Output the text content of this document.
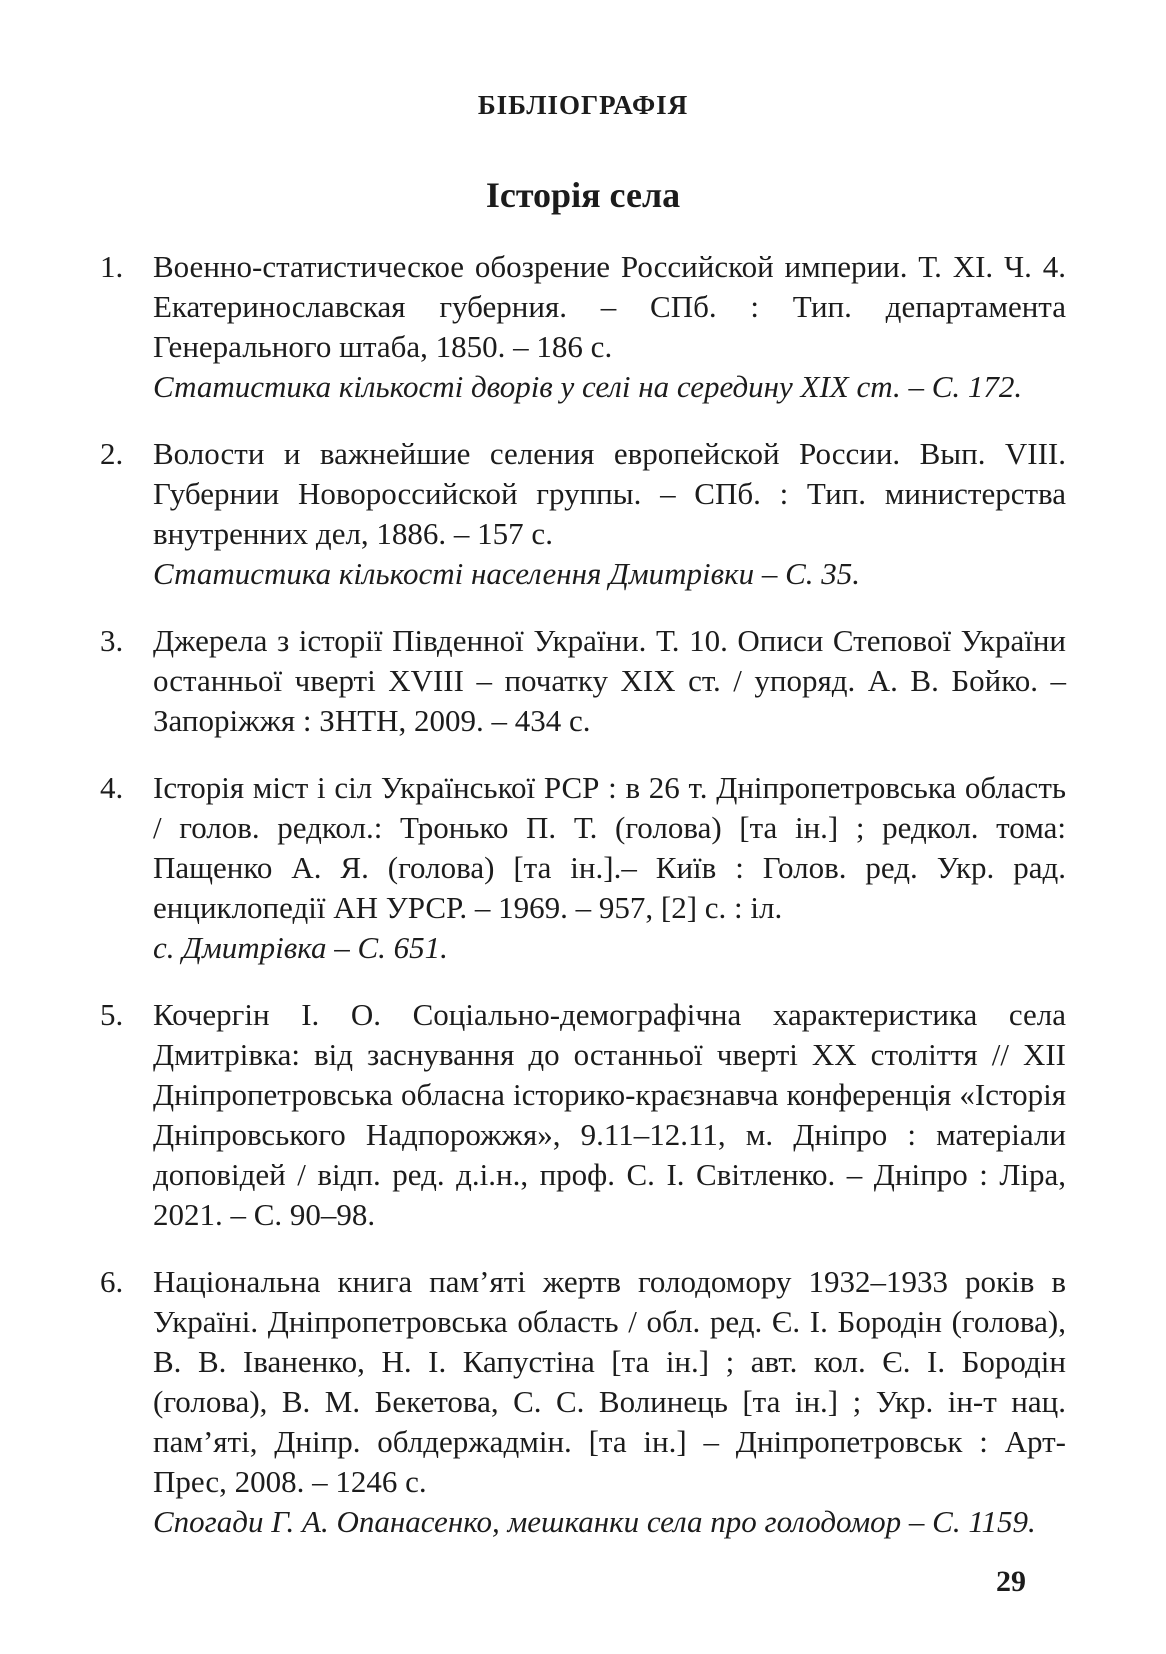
БІБЛІОГРАФІЯ
Історія села
1. Военно-статистическое обозрение Российской империи. Т. XI. Ч. 4. Екатеринославская губерния. – СПб. : Тип. департамента Генерального штаба, 1850. – 186 с.

Статистика кількості дворів у селі на середину XIX ст. – С. 172.

2. Волости и важнейшие селения европейской России. Вып. VIII. Губернии Новороссийской группы. – СПб. : Тип. министерства внутренних дел, 1886. – 157 с.

Статистика кількості населення Дмитрівки – С. 35.

3. Джерела з історії Південної України. Т. 10. Описи Степової України останньої чверті XVIII – початку XIX ст. / упоряд. А. В. Бойко. – Запоріжжя : ЗНТН, 2009. – 434 с.

4. Історія міст і сіл Української РСР : в 26 т. Дніпропетровська область / голов. редкол.: Тронько П. Т. (голова) [та ін.] ; редкол. тома: Пащенко А. Я. (голова) [та ін.].– Київ : Голов. ред. Укр. рад. енциклопедії АН УРСР. – 1969. – 957, [2] с. : іл.

с. Дмитрівка – С. 651.

5. Кочергін І. О. Соціально-демографічна характеристика села Дмитрівка: від заснування до останньої чверті XX століття // XII Дніпропетровська обласна історико-краєзнавча конференція «Історія Дніпровського Надпорожжя», 9.11–12.11, м. Дніпро : матеріали доповідей / відп. ред. д.і.н., проф. С. І. Світленко. – Дніпро : Ліра, 2021. – С. 90–98.

6. Національна книга пам’яті жертв голодомору 1932–1933 років в Україні. Дніпропетровська область / обл. ред. Є. І. Бородін (голова), В. В. Іваненко, Н. І. Капустіна [та ін.] ; авт. кол. Є. І. Бородін (голова), В. М. Бекетова, С. С. Волинець [та ін.] ; Укр. ін-т нац. пам’яті, Дніпр. облдержадмін. [та ін.] – Дніпропетровськ : Арт-Прес, 2008. – 1246 с.

Спогади Г. А. Опанасенко, мешканки села про голодомор – С. 1159.

29
